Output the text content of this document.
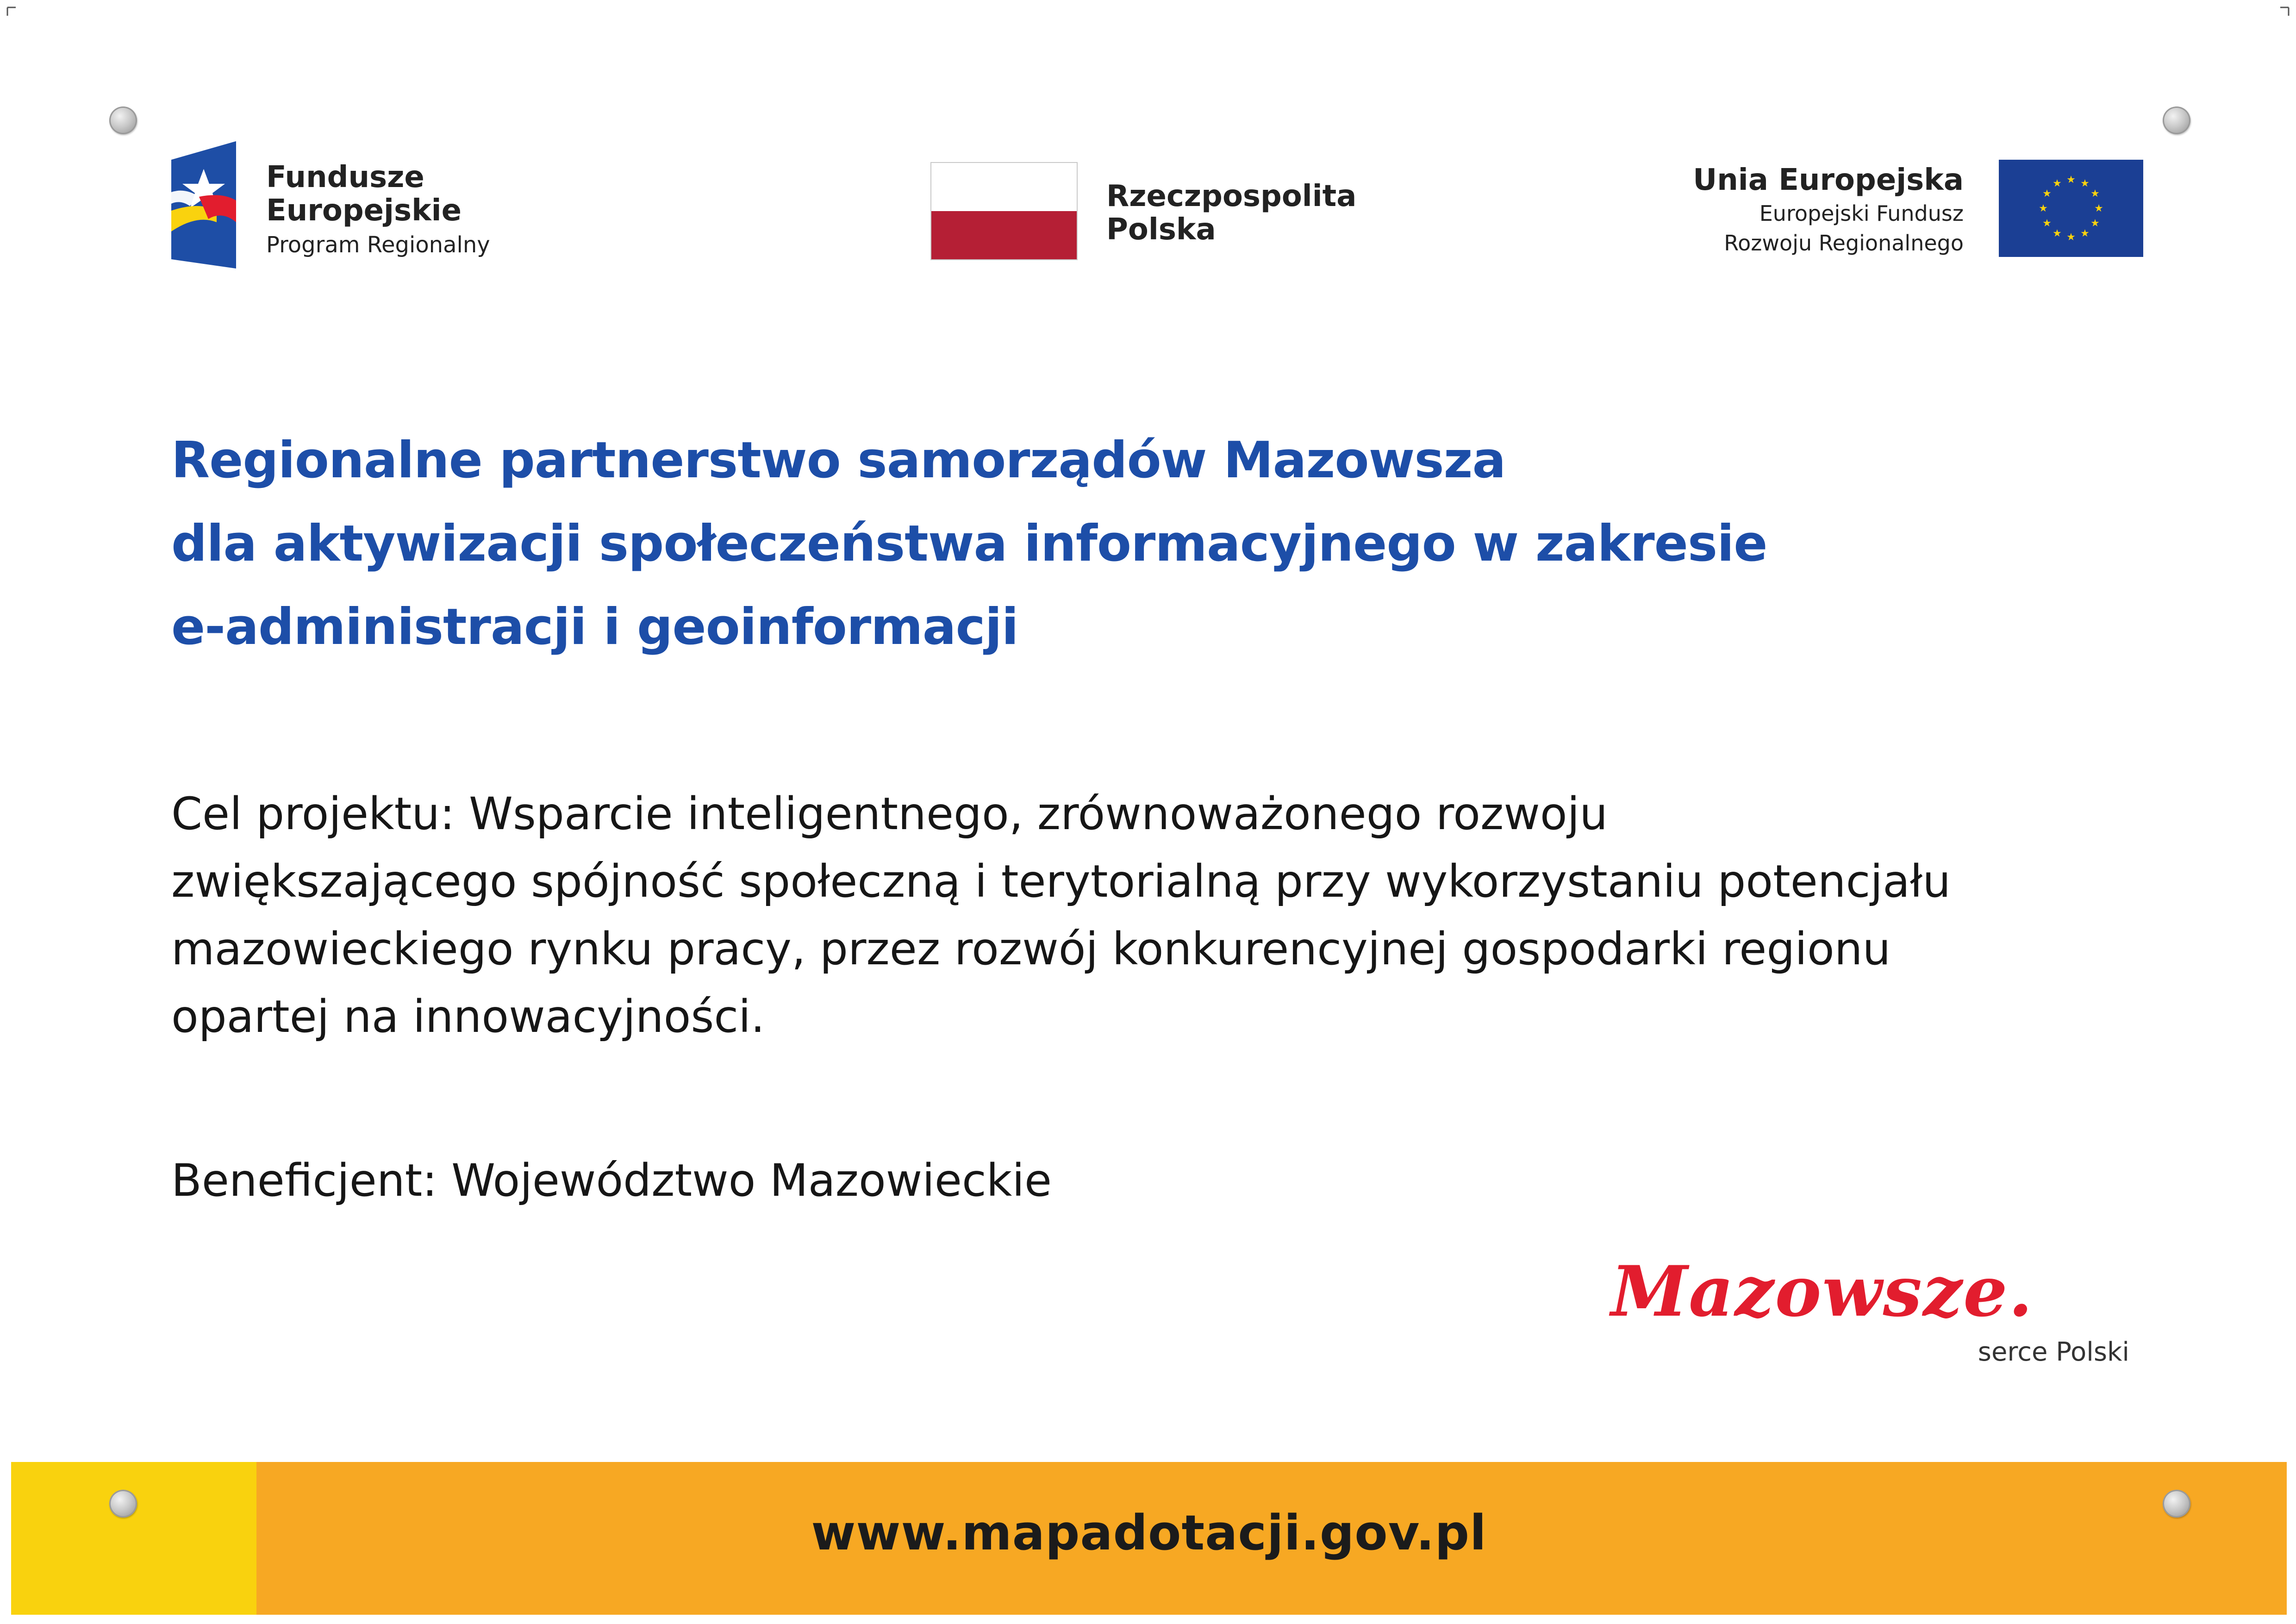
Fundusze
Europejskie
Program Regionalny
Rzeczpospolita
Polska
Unia Europejska
Europejski Fundusz
Rozwoju Regionalnego
★ ★
★
★
★
★
★
★
★
★
★
★
Regionalne partnerstwo samorządów Mazowsza
dla aktywizacji społeczeństwa informacyjnego w zakresie
e-administracji i geoinformacji
Cel projektu: Wsparcie inteligentnego, zrównoważonego rozwoju
zwiększającego spójność społeczną i terytorialną przy wykorzystaniu potencjału
mazowieckiego rynku pracy, przez rozwój konkurencyjnej gospodarki regionu
opartej na innowacyjności.
Beneficjent: Województwo Mazowieckie
Mazowsze.
serce Polski
www.mapadotacji.gov.pl
